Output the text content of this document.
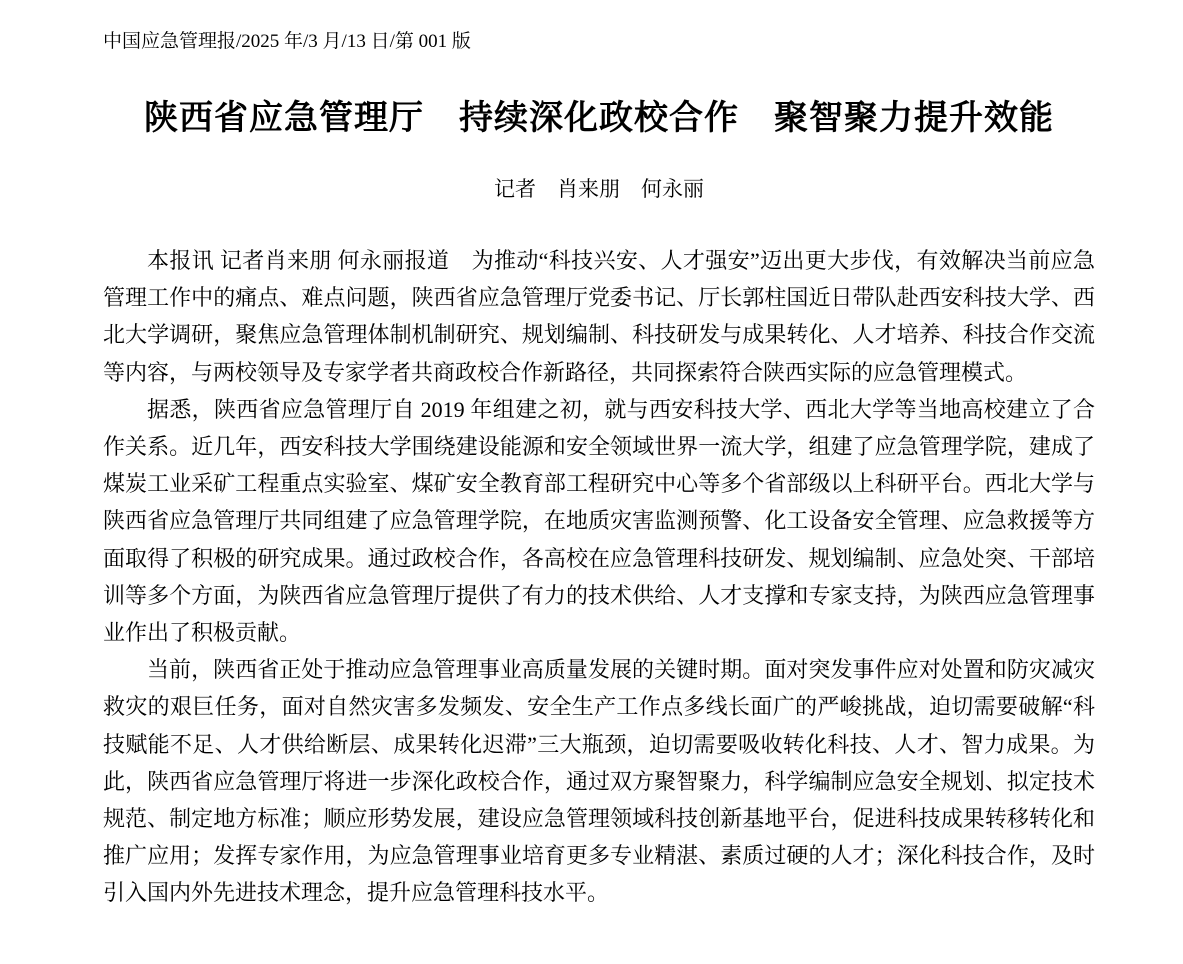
中国应急管理报/2025 年/3 月/13 日/第 001 版
陕西省应急管理厅　持续深化政校合作　聚智聚力提升效能
记者　肖来朋　何永丽

本报讯 记者肖来朋 何永丽报道　为推动“科技兴安、人才强安”迈出更大步伐，有效解决当前应急管理工作中的痛点、难点问题，陕西省应急管理厅党委书记、厅长郭柱国近日带队赴西安科技大学、西北大学调研，聚焦应急管理体制机制研究、规划编制、科技研发与成果转化、人才培养、科技合作交流等内容，与两校领导及专家学者共商政校合作新路径，共同探索符合陕西实际的应急管理模式。

据悉，陕西省应急管理厅自 2019 年组建之初，就与西安科技大学、西北大学等当地高校建立了合作关系。近几年，西安科技大学围绕建设能源和安全领域世界一流大学，组建了应急管理学院，建成了煤炭工业采矿工程重点实验室、煤矿安全教育部工程研究中心等多个省部级以上科研平台。西北大学与陕西省应急管理厅共同组建了应急管理学院，在地质灾害监测预警、化工设备安全管理、应急救援等方面取得了积极的研究成果。通过政校合作，各高校在应急管理科技研发、规划编制、应急处突、干部培训等多个方面，为陕西省应急管理厅提供了有力的技术供给、人才支撑和专家支持，为陕西应急管理事业作出了积极贡献。

当前，陕西省正处于推动应急管理事业高质量发展的关键时期。面对突发事件应对处置和防灾减灾救灾的艰巨任务，面对自然灾害多发频发、安全生产工作点多线长面广的严峻挑战，迫切需要破解“科技赋能不足、人才供给断层、成果转化迟滞”三大瓶颈，迫切需要吸收转化科技、人才、智力成果。为此，陕西省应急管理厅将进一步深化政校合作，通过双方聚智聚力，科学编制应急安全规划、拟定技术规范、制定地方标准；顺应形势发展，建设应急管理领域科技创新基地平台，促进科技成果转移转化和推广应用；发挥专家作用，为应急管理事业培育更多专业精湛、素质过硬的人才；深化科技合作，及时引入国内外先进技术理念，提升应急管理科技水平。
